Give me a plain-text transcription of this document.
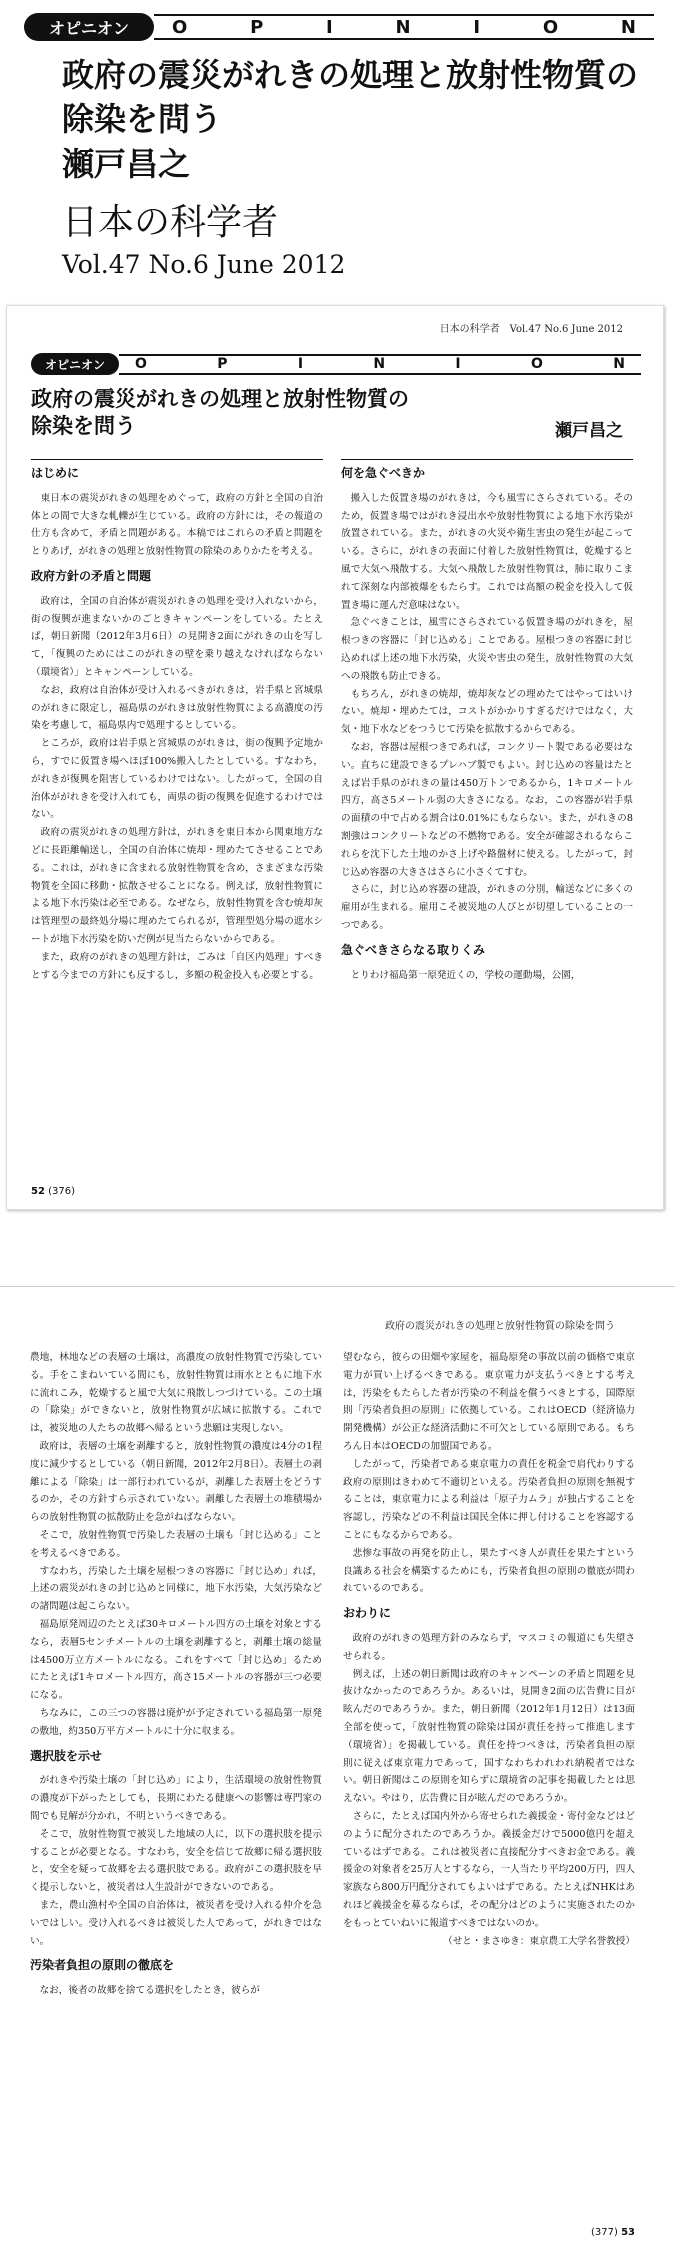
オピニオン	O	P	I	N	I	O	N
政府の震災がれきの処理と放射性物質の
除染を問う
瀬戸昌之
日本の科学者
Vol.47 No.6 June 2012
日本の科学者　Vol.47 No.6 June 2012
オピニオン	O	P	I	N	I	O	N
政府の震災がれきの処理と放射性物質の
除染を問う	瀬戸昌之
はじめに

東日本の震災がれきの処理をめぐって，政府の方針と全国の自治体との間で大きな軋轢が生じている。政府の方針には，その報道の仕方も含めて，矛盾と問題がある。本稿ではこれらの矛盾と問題をとりあげ，がれきの処理と放射性物質の除染のありかたを考える。

政府方針の矛盾と問題

政府は，全国の自治体が震災がれきの処理を受け入れないから，街の復興が進まないかのごときキャンペーンをしている。たとえば，朝日新聞（2012年3月6日）の見開き2面にがれきの山を写して，「復興のためにはこのがれきの壁を乗り越えなければならない（環境省）」とキャンペーンしている。

なお，政府は自治体が受け入れるべきがれきは，岩手県と宮城県のがれきに限定し，福島県のがれきは放射性物質による高濃度の汚染を考慮して，福島県内で処理するとしている。

ところが，政府は岩手県と宮城県のがれきは，街の復興予定地から，すでに仮置き場へほぼ100%搬入したとしている。すなわち，がれきが復興を阻害しているわけではない。したがって，全国の自治体ががれきを受け入れても，両県の街の復興を促進するわけではない。

政府の震災がれきの処理方針は，がれきを東日本から関東地方などに長距離輸送し，全国の自治体に焼却・埋めたてさせることである。これは，がれきに含まれる放射性物質を含め，さまざまな汚染物質を全国に移動・拡散させることになる。例えば，放射性物質による地下水汚染は必至である。なぜなら，放射性物質を含む焼却灰は管理型の最終処分場に埋めたてられるが，管理型処分場の遮水シートが地下水汚染を防いだ例が見当たらないからである。

また，政府のがれきの処理方針は，ごみは「自区内処理」すべきとする今までの方針にも反するし，多額の税金投入も必要とする。

何を急ぐべきか

搬入した仮置き場のがれきは，今も風雪にさらされている。そのため，仮置き場ではがれき浸出水や放射性物質による地下水汚染が放置されている。また，がれきの火災や衛生害虫の発生が起こっている。さらに，がれきの表面に付着した放射性物質は，乾燥すると風で大気へ飛散する。大気へ飛散した放射性物質は，肺に取りこまれて深刻な内部被爆をもたらす。これでは高額の税金を投入して仮置き場に運んだ意味はない。

急ぐべきことは，風雪にさらされている仮置き場のがれきを，屋根つきの容器に「封じ込める」ことである。屋根つきの容器に封じ込めれば上述の地下水汚染，火災や害虫の発生，放射性物質の大気への飛散も防止できる。

もちろん，がれきの焼却，焼却灰などの埋めたてはやってはいけない。焼却・埋めたては，コストがかかりすぎるだけではなく，大気・地下水などをつうじて汚染を拡散するからである。

なお，容器は屋根つきであれば，コンクリート製である必要はない。直ちに建設できるプレハブ製でもよい。封じ込めの容量はたとえば岩手県のがれきの量は450万トンであるから，1キロメートル四方，高さ5メートル弱の大きさになる。なお，この容器が岩手県の面積の中で占める割合は0.01%にもならない。また，がれきの8割強はコンクリートなどの不燃物である。安全が確認されるならこれらを沈下した土地のかさ上げや路盤材に使える。したがって，封じ込め容器の大きさはさらに小さくてすむ。

さらに，封じ込め容器の建設，がれきの分別，輸送などに多くの雇用が生まれる。雇用こそ被災地の人びとが切望していることの一つである。

急ぐべきさらなる取りくみ

とりわけ福島第一原発近くの，学校の運動場，公園，

52 (376)
政府の震災がれきの処理と放射性物質の除染を問う

農地，林地などの表層の土壌は，高濃度の放射性物質で汚染している。手をこまねいている間にも，放射性物質は雨水とともに地下水に流れこみ，乾燥すると風で大気に飛散しつづけている。この土壌の「除染」ができないと，放射性物質が広域に拡散する。これでは，被災地の人たちの故郷へ帰るという悲願は実現しない。

政府は，表層の土壌を剥離すると，放射性物質の濃度は4分の1程度に減少するとしている（朝日新聞，2012年2月8日）。表層土の剥離による「除染」は一部行われているが，剥離した表層土をどうするのか，その方針すら示されていない。剥離した表層土の堆積場からの放射性物質の拡散防止を急がねばならない。

そこで，放射性物質で汚染した表層の土壌も「封じ込める」ことを考えるべきである。

すなわち，汚染した土壌を屋根つきの容器に「封じ込め」れば，上述の震災がれきの封じ込めと同様に，地下水汚染，大気汚染などの諸問題は起こらない。

福島原発周辺のたとえば30キロメートル四方の土壌を対象とするなら，表層5センチメートルの土壌を剥離すると，剥離土壌の総量は4500万立方メートルになる。これをすべて「封じ込め」るためにたとえば1キロメートル四方，高さ15メートルの容器が三つ必要になる。

ちなみに，この三つの容器は廃炉が予定されている福島第一原発の敷地，約350万平方メートルに十分に収まる。

選択肢を示せ

がれきや汚染土壌の「封じ込め」により，生活環境の放射性物質の濃度が下がったとしても，長期にわたる健康への影響は専門家の間でも見解が分かれ，不明というべきである。

そこで，放射性物質で被災した地域の人に，以下の選択肢を提示することが必要となる。すなわち，安全を信じて故郷に帰る選択肢と，安全を疑って故郷を去る選択肢である。政府がこの選択肢を早く提示しないと，被災者は人生設計ができないのである。

また，農山漁村や全国の自治体は，被災者を受け入れる仲介を急いではしい。受け入れるべきは被災した人であって，がれきではない。

汚染者負担の原則の徹底を

なお，後者の故郷を捨てる選択をしたとき，彼らが

望むなら，彼らの田畑や家屋を，福島原発の事故以前の価格で東京電力が買い上げるべきである。東京電力が支払うべきとする考えは，汚染をもたらした者が汚染の不利益を償うべきとする，国際原則「汚染者負担の原則」に依拠している。これはOECD（経済協力開発機構）が公正な経済活動に不可欠としている原則である。もちろん日本はOECDの加盟国である。

したがって，汚染者である東京電力の責任を税金で肩代わりする政府の原則はきわめて不適切といえる。汚染者負担の原則を無視することは，東京電力による利益は「原子力ムラ」が独占することを容認し，汚染などの不利益は国民全体に押し付けることを容認することにもなるからである。

悲惨な事故の再発を防止し，果たすべき人が責任を果たすという良識ある社会を構築するためにも，汚染者負担の原則の徹底が問われているのである。

おわりに

政府のがれきの処理方針のみならず，マスコミの報道にも失望させられる。

例えば，上述の朝日新聞は政府のキャンペーンの矛盾と問題を見抜けなかったのであろうか。あるいは，見開き2面の広告費に目が眩んだのであろうか。また，朝日新聞（2012年1月12日）は13面全部を使って，「放射性物質の除染は国が責任を持って推進します（環境省）」を掲載している。責任を持つべきは，汚染者負担の原則に従えば東京電力であって，国すなわちわれわれ納税者ではない。朝日新聞はこの原則を知らずに環境省の記事を掲載したとは思えない。やはり，広告費に目が眩んだのであろうか。

さらに，たとえば国内外から寄せられた義援金・寄付金などはどのように配分されたのであろうか。義援金だけで5000億円を超えているはずである。これは被災者に直接配分すべきお金である。義援金の対象者を25万人とするなら，一人当たり平均200万円，四人家族なら800万円配分されてもよいはずである。たとえばNHKはあれほど義援金を募るならば，その配分はどのように実施されたのかをもっとていねいに報道すべきではないのか。

（せと・まさゆき：東京農工大学名誉教授）

(377) 53
